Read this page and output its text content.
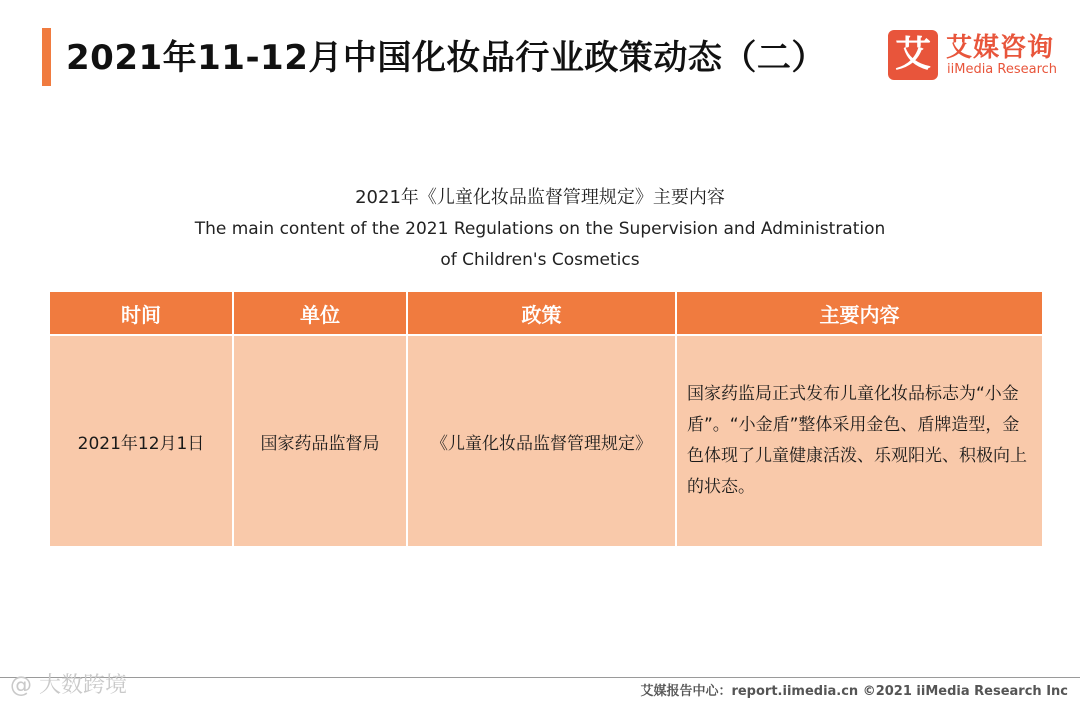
2021年11-12月中国化妆品行业政策动态（二） 艾 艾媒咨询
iiMedia Research
2021年《儿童化妆品监督管理规定》主要内容
The main content of the 2021 Regulations on the Supervision and Administration of Children's Cosmetics
时间	单位	政策	主要内容
2021年12月1日	国家药品监督局	《儿童化妆品监督管理规定》	国家药监局正式发布儿童化妆品标志为“小金盾”。“小金盾”整体采用金色、盾牌造型，金色体现了儿童健康活泼、乐观阳光、积极向上的状态。
@ 大数跨境	艾媒报告中心：report.iimedia.cn ©2021 iiMedia Research Inc
